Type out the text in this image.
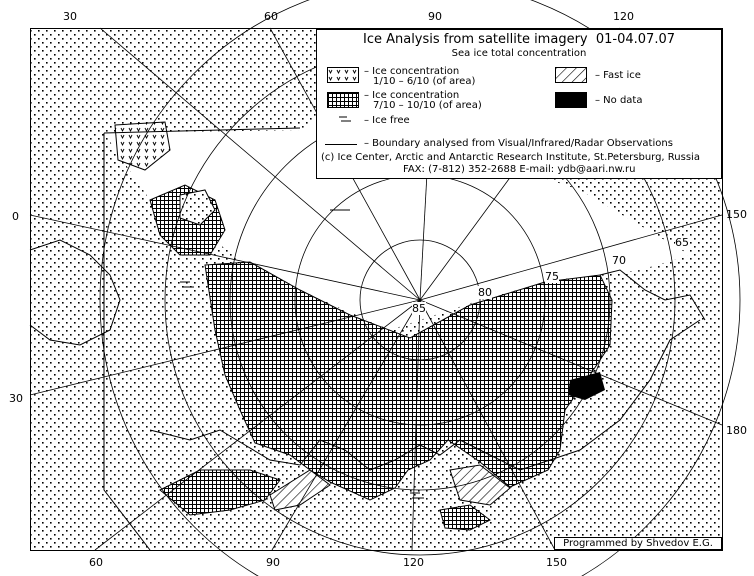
30	60	90	120
60	90	120	150
0
30
150
180
85
80
75
70
65
Ice Analysis from satellite imagery 01-04.07.07
Sea ice total concentration
– Ice concentration
1/10 – 6/10 (of area)
– Ice concentration
7/10 – 10/10 (of area)
– Fast ice
– No data
– Ice free
– Boundary analysed from Visual/Infrared/Radar Observations
(c) Ice Center, Arctic and Antarctic Research Institute, St.Petersburg, Russia
FAX: (7-812) 352-2688 E-mail: ydb@aari.nw.ru
Programmed by Shvedov E.G.
